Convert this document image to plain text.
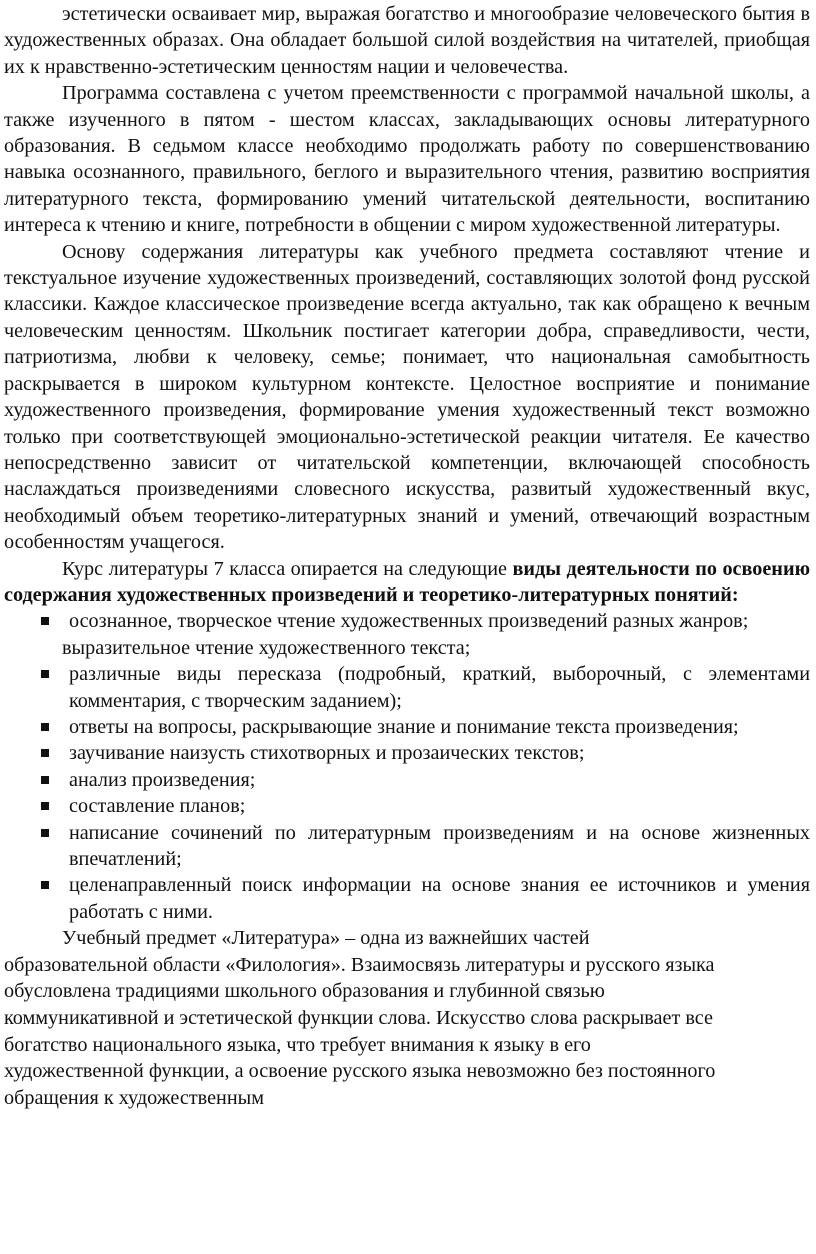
эстетически осваивает мир, выражая богатство и многообразие человеческого бытия в художественных образах. Она обладает большой силой воздействия на читателей, приобщая их к нравственно-эстетическим ценностям нации и человечества.

Программа составлена с учетом преемственности с программой начальной школы, а также изученного в пятом - шестом классах, закладывающих основы литературного образования. В седьмом классе необходимо продолжать работу по совершенствованию навыка осознанного, правильного, беглого и выразительного чтения, развитию восприятия литературного текста, формированию умений читательской деятельности, воспитанию интереса к чтению и книге, потребности в общении с миром художественной литературы.

Основу содержания литературы как учебного предмета составляют чтение и текстуальное изучение художественных произведений, составляющих золотой фонд русской классики. Каждое классическое произведение всегда актуально, так как обращено к вечным человеческим ценностям. Школьник постигает категории добра, справедливости, чести, патриотизма, любви к человеку, семье; понимает, что национальная самобытность раскрывается в широком культурном контексте. Целостное восприятие и понимание художественного произведения, формирование умения художественный текст возможно только при соответствующей эмоционально-эстетической реакции читателя. Ее качество непосредственно зависит от читательской компетенции, включающей способность наслаждаться произведениями словесного искусства, развитый художественный вкус, необходимый объем теоретико-литературных знаний и умений, отвечающий возрастным особенностям учащегося.

Курс литературы 7 класса опирается на следующие виды деятельности по освоению содержания художественных произведений и теоретико-литературных понятий:

осознанное, творческое чтение художественных произведений разных жанров;

выразительное чтение художественного текста;

различные виды пересказа (подробный, краткий, выборочный, с элементами комментария, с творческим заданием);
ответы на вопросы, раскрывающие знание и понимание текста произведения;
заучивание наизусть стихотворных и прозаических текстов;
анализ произведения;
составление планов;
написание сочинений по литературным произведениям и на основе жизненных впечатлений;
целенаправленный поиск информации на основе знания ее источников и умения работать с ними.

Учебный предмет «Литература» – одна из важнейших частей
образовательной области «Филология». Взаимосвязь литературы и русского языка
обусловлена традициями школьного образования и глубинной связью
коммуникативной и эстетической функции слова. Искусство слова раскрывает все
богатство национального языка, что требует внимания к языку в его
художественной функции, а освоение русского языка невозможно без постоянного
обращения к художественным
